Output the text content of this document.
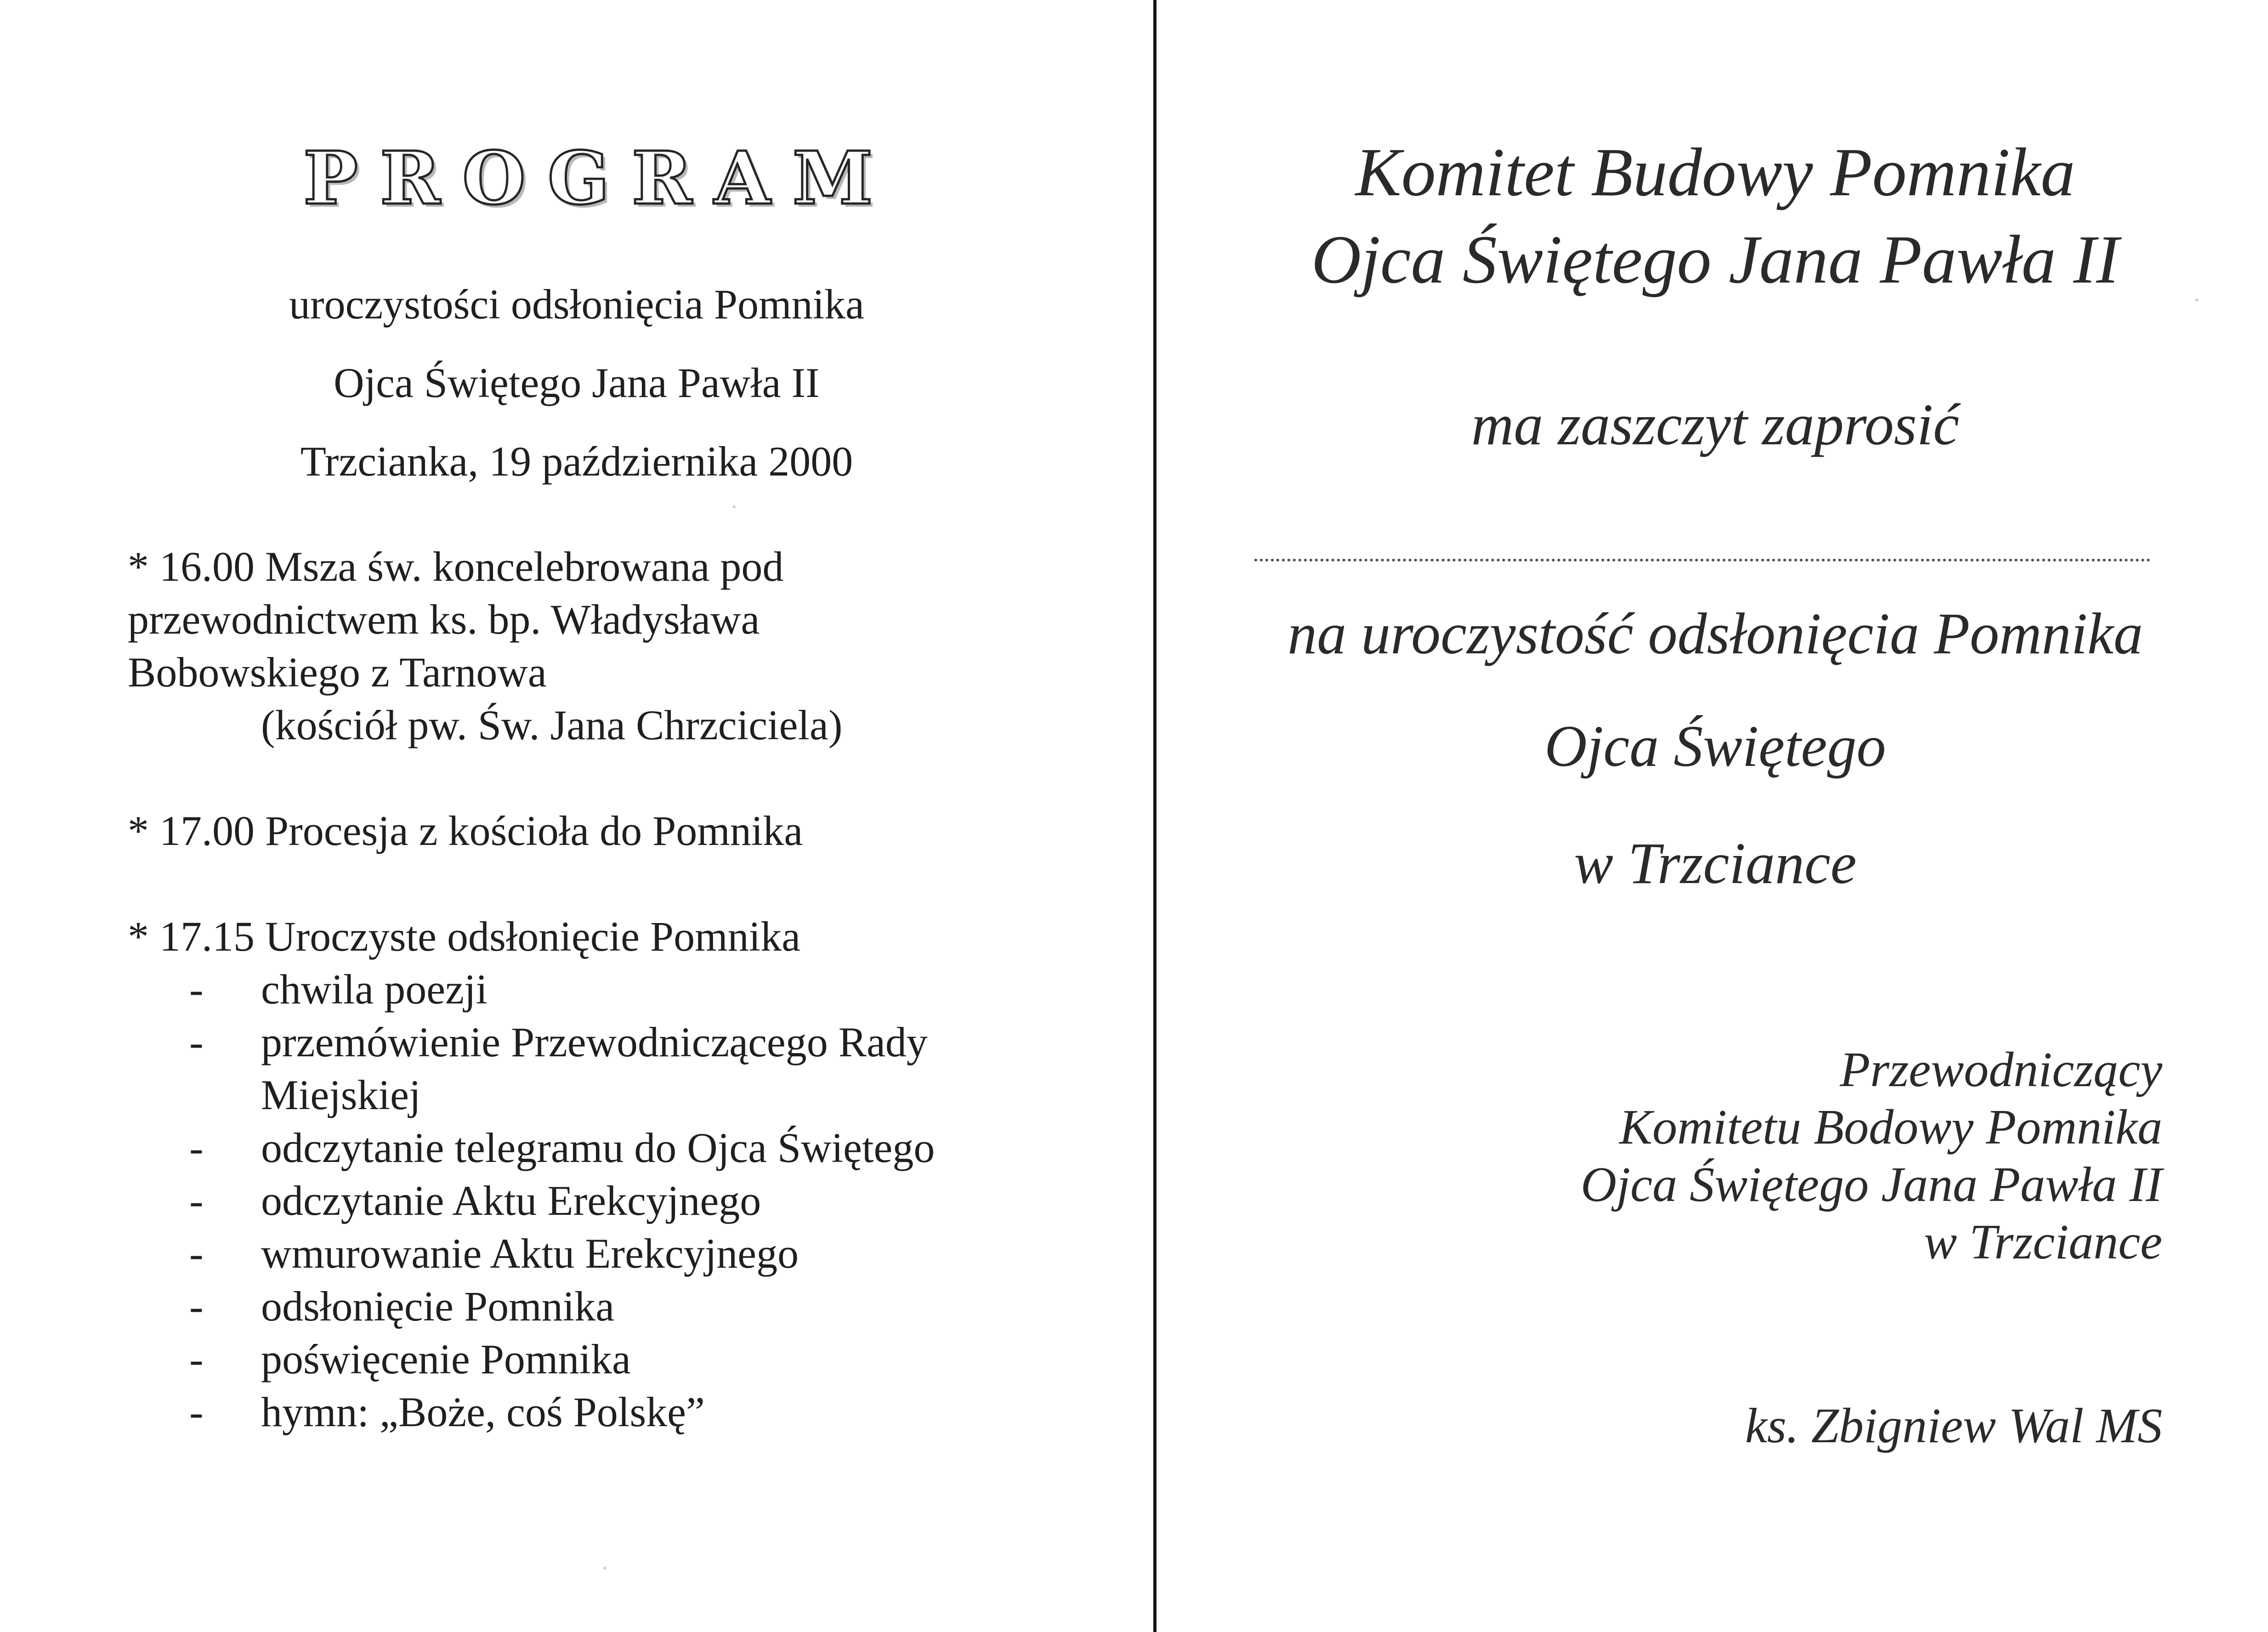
PROGRAM
uroczystości odsłonięcia Pomnika
Ojca Świętego Jana Pawła II
Trzcianka, 19 października 2000
* 16.00 Msza św. koncelebrowana pod
przewodnictwem ks. bp. Władysława
Bobowskiego z Tarnowa
(kościół pw. Św. Jana Chrzciciela)
* 17.00 Procesja z kościoła do Pomnika
* 17.15 Uroczyste odsłonięcie Pomnika
- chwila poezji
- przemówienie Przewodniczącego Rady
Miejskiej
- odczytanie telegramu do Ojca Świętego
- odczytanie Aktu Erekcyjnego
- wmurowanie Aktu Erekcyjnego
- odsłonięcie Pomnika
- poświęcenie Pomnika
- hymn: „Boże, coś Polskę”
Komitet Budowy Pomnika
Ojca Świętego Jana Pawła II
ma zaszczyt zaprosić
na uroczystość odsłonięcia Pomnika
Ojca Świętego
w Trzciance
Przewodniczący
Komitetu Bodowy Pomnika
Ojca Świętego Jana Pawła II
w Trzciance
ks. Zbigniew Wal MS
